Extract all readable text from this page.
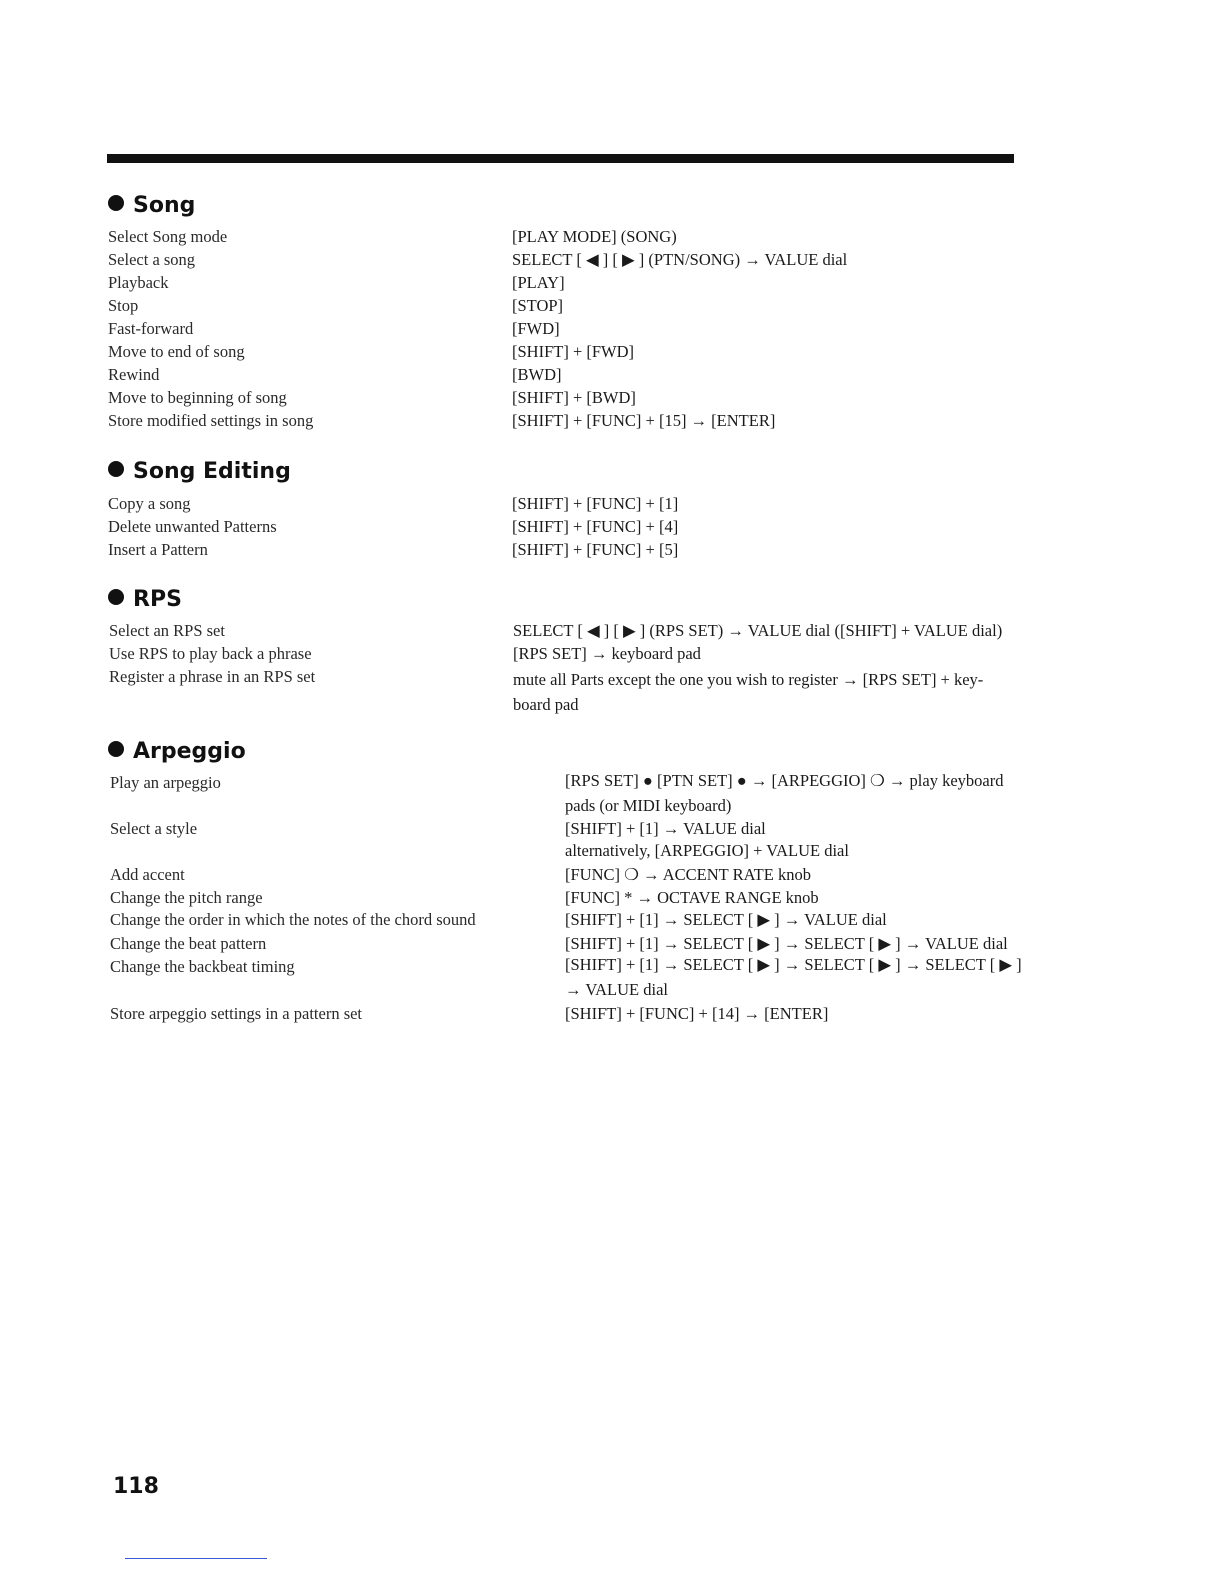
Song
Select Song mode	[PLAY MODE] (SONG)
Select a song	SELECT [ ◀ ] [ ▶ ] (PTN/SONG) → VALUE dial
Playback	[PLAY]
Stop	[STOP]
Fast-forward	[FWD]
Move to end of song	[SHIFT] + [FWD]
Rewind	[BWD]
Move to beginning of song	[SHIFT] + [BWD]
Store modified settings in song	[SHIFT] + [FUNC] + [15] → [ENTER]
Song Editing
Copy a song	[SHIFT] + [FUNC] + [1]
Delete unwanted Patterns	[SHIFT] + [FUNC] + [4]
Insert a Pattern	[SHIFT] + [FUNC] + [5]
RPS
Select an RPS set	SELECT [ ◀ ] [ ▶ ] (RPS SET) → VALUE dial ([SHIFT] + VALUE dial)
Use RPS to play back a phrase	[RPS SET] → keyboard pad
Register a phrase in an RPS set	mute all Parts except the one you wish to register → [RPS SET] + key-board pad
Arpeggio
Play an arpeggio	[RPS SET] ● [PTN SET] ● → [ARPEGGIO] ❍ → play keyboard pads (or MIDI keyboard)
Select a style	[SHIFT] + [1] → VALUE dial
alternatively, [ARPEGGIO] + VALUE dial
Add accent	[FUNC] ❍ → ACCENT RATE knob
Change the pitch range	[FUNC] * → OCTAVE RANGE knob
Change the order in which the notes of the chord sound	[SHIFT] + [1] → SELECT [ ▶ ] → VALUE dial
Change the beat pattern	[SHIFT] + [1] → SELECT [ ▶ ] → SELECT [ ▶ ] → VALUE dial
Change the backbeat timing	[SHIFT] + [1] → SELECT [ ▶ ] → SELECT [ ▶ ] → SELECT [ ▶ ] → VALUE dial
Store arpeggio settings in a pattern set	[SHIFT] + [FUNC] + [14] → [ENTER]
118
